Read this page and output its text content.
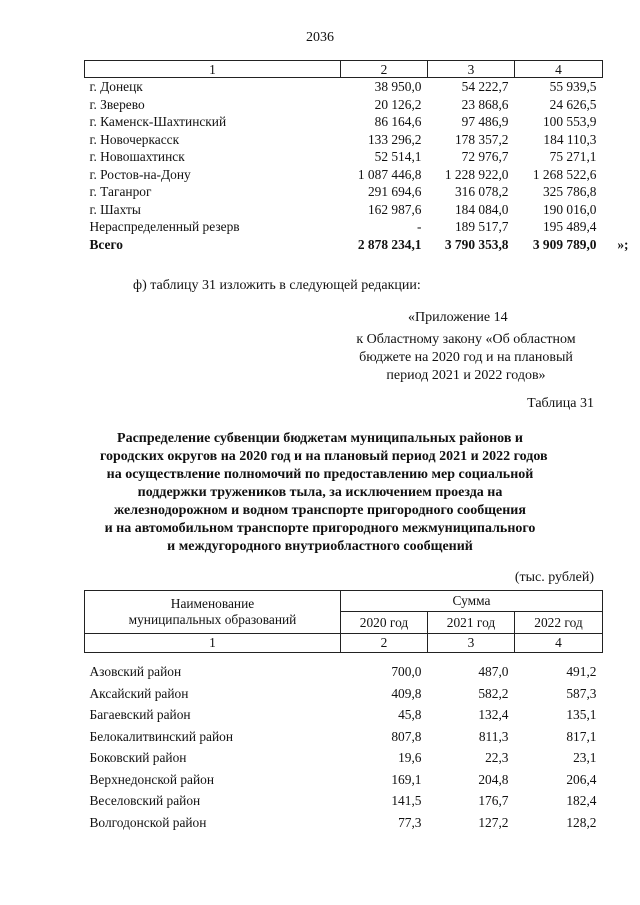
2036
1	2	3	4
г. Донецк	38 950,0	54 222,7	55 939,5
г. Зверево	20 126,2	23 868,6	24 626,5
г. Каменск-Шахтинский	86 164,6	97 486,9	100 553,9
г. Новочеркасск	133 296,2	178 357,2	184 110,3
г. Новошахтинск	52 514,1	72 976,7	75 271,1
г. Ростов-на-Дону	1 087 446,8	1 228 922,0	1 268 522,6
г. Таганрог	291 694,6	316 078,2	325 786,8
г. Шахты	162 987,6	184 084,0	190 016,0
Нераспределенный резерв	-	189 517,7	195 489,4
Всего	2 878 234,1	3 790 353,8	3 909 789,0 »;
ф) таблицу 31 изложить в следующей редакции:
«Приложение 14
к Областному закону «Об областном
бюджете на 2020 год и на плановый
период 2021 и 2022 годов»
Таблица 31
Распределение субвенции бюджетам муниципальных районов и
городских округов на 2020 год и на плановый период 2021 и 2022 годов
на осуществление полномочий по предоставлению мер социальной
поддержки тружеников тыла, за исключением проезда на
железнодорожном и водном транспорте пригородного сообщения
и на автомобильном транспорте пригородного межмуниципального
и междугородного внутриобластного сообщений
(тыс. рублей)
Наименование
муниципальных образований	Сумма		
	2020 год	2021 год	2022 год
1	2	3	4

Азовский район	700,0	487,0	491,2
Аксайский район	409,8	582,2	587,3
Багаевский район	45,8	132,4	135,1
Белокалитвинский район	807,8	811,3	817,1
Боковский район	19,6	22,3	23,1
Верхнедонской район	169,1	204,8	206,4
Веселовский район	141,5	176,7	182,4
Волгодонской район	77,3	127,2	128,2
